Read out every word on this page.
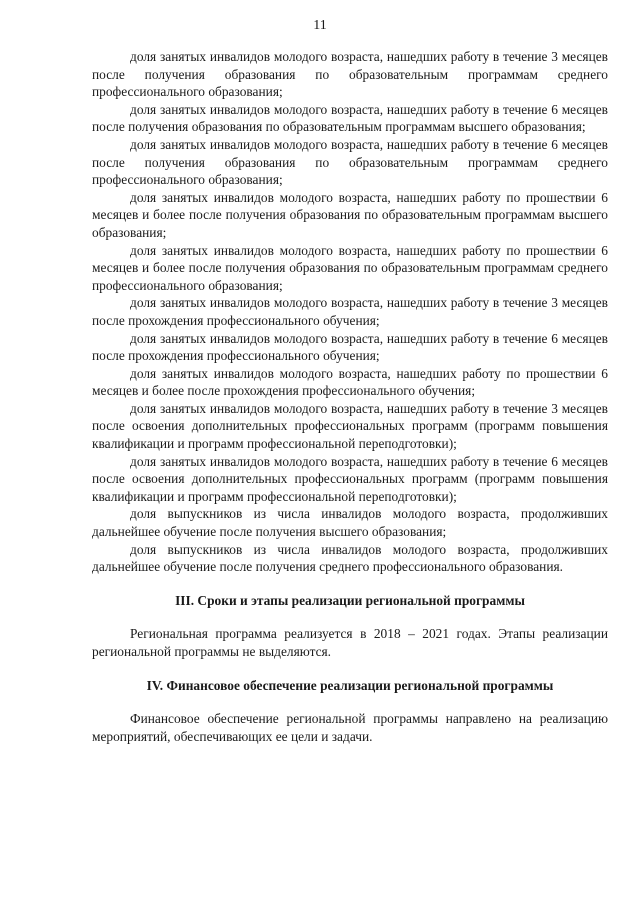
11

доля занятых инвалидов молодого возраста, нашедших работу в течение 3 месяцев после получения образования по образовательным программам среднего профессионального образования;

доля занятых инвалидов молодого возраста, нашедших работу в течение 6 месяцев после получения образования по образовательным программам высшего образования;

доля занятых инвалидов молодого возраста, нашедших работу в течение 6 месяцев после получения образования по образовательным программам среднего профессионального образования;

доля занятых инвалидов молодого возраста, нашедших работу по прошествии 6 месяцев и более после получения образования по образовательным программам высшего образования;

доля занятых инвалидов молодого возраста, нашедших работу по прошествии 6 месяцев и более после получения образования по образовательным программам среднего профессионального образования;

доля занятых инвалидов молодого возраста, нашедших работу в течение 3 месяцев после прохождения профессионального обучения;

доля занятых инвалидов молодого возраста, нашедших работу в течение 6 месяцев после прохождения профессионального обучения;

доля занятых инвалидов молодого возраста, нашедших работу по прошествии 6 месяцев и более после прохождения профессионального обучения;

доля занятых инвалидов молодого возраста, нашедших работу в течение 3 месяцев после освоения дополнительных профессиональных программ (программ повышения квалификации и программ профессиональной переподготовки);

доля занятых инвалидов молодого возраста, нашедших работу в течение 6 месяцев после освоения дополнительных профессиональных программ (программ повышения квалификации и программ профессиональной переподготовки);

доля выпускников из числа инвалидов молодого возраста, продолживших дальнейшее обучение после получения высшего образования;

доля выпускников из числа инвалидов молодого возраста, продолживших дальнейшее обучение после получения среднего профессионального образования.

III. Сроки и этапы реализации региональной программы

Региональная программа реализуется в 2018 – 2021 годах. Этапы реализации региональной программы не выделяются.

IV. Финансовое обеспечение реализации региональной программы

Финансовое обеспечение региональной программы направлено на реализацию мероприятий, обеспечивающих ее цели и задачи.
